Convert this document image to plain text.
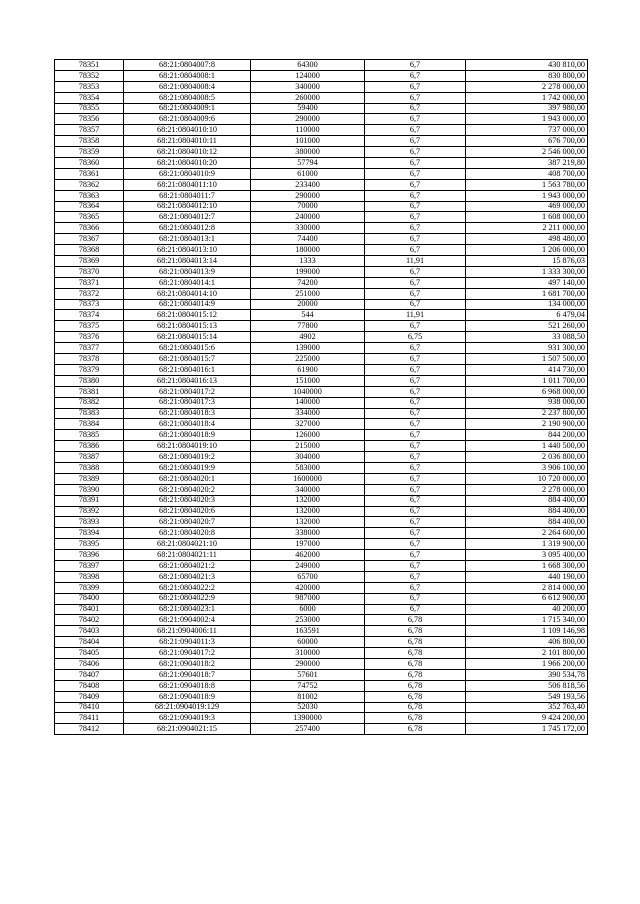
78351	68:21:0804007:8	64300	6,7	430 810,00
78352	68:21:0804008:1	124000	6,7	830 800,00
78353	68:21:0804008:4	340000	6,7	2 278 000,00
78354	68:21:0804008:5	260000	6,7	1 742 000,00
78355	68:21:0804009:1	59400	6,7	397 980,00
78356	68:21:0804009:6	290000	6,7	1 943 000,00
78357	68:21:0804010:10	110000	6,7	737 000,00
78358	68:21:0804010:11	101000	6,7	676 700,00
78359	68:21:0804010:12	380000	6,7	2 546 000,00
78360	68:21:0804010:20	57794	6,7	387 219,80
78361	68:21:0804010:9	61000	6,7	408 700,00
78362	68:21:0804011:10	233400	6,7	1 563 780,00
78363	68:21:0804011:7	290000	6,7	1 943 000,00
78364	68:21:0804012:10	70000	6,7	469 000,00
78365	68:21:0804012:7	240000	6,7	1 608 000,00
78366	68:21:0804012:8	330000	6,7	2 211 000,00
78367	68:21:0804013:1	74400	6,7	498 480,00
78368	68:21:0804013:10	180000	6,7	1 206 000,00
78369	68:21:0804013:14	1333	11,91	15 876,03
78370	68:21:0804013:9	199000	6,7	1 333 300,00
78371	68:21:0804014:1	74200	6,7	497 140,00
78372	68:21:0804014:10	251000	6,7	1 681 700,00
78373	68:21:0804014:9	20000	6,7	134 000,00
78374	68:21:0804015:12	544	11,91	6 479,04
78375	68:21:0804015:13	77800	6,7	521 260,00
78376	68:21:0804015:14	4902	6,75	33 088,50
78377	68:21:0804015:6	139000	6,7	931 300,00
78378	68:21:0804015:7	225000	6,7	1 507 500,00
78379	68:21:0804016:1	61900	6,7	414 730,00
78380	68:21:0804016:13	151000	6,7	1 011 700,00
78381	68:21:0804017:2	1040000	6,7	6 968 000,00
78382	68:21:0804017:3	140000	6,7	938 000,00
78383	68:21:0804018:3	334000	6,7	2 237 800,00
78384	68:21:0804018:4	327000	6,7	2 190 900,00
78385	68:21:0804018:9	126000	6,7	844 200,00
78386	68:21:0804019:10	215000	6,7	1 440 500,00
78387	68:21:0804019:2	304000	6,7	2 036 800,00
78388	68:21:0804019:9	583000	6,7	3 906 100,00
78389	68:21:0804020:1	1600000	6,7	10 720 000,00
78390	68:21:0804020:2	340000	6,7	2 278 000,00
78391	68:21:0804020:3	132000	6,7	884 400,00
78392	68:21:0804020:6	132000	6,7	884 400,00
78393	68:21:0804020:7	132000	6,7	884 400,00
78394	68:21:0804020:8	338000	6,7	2 264 600,00
78395	68:21:0804021:10	197000	6,7	1 319 900,00
78396	68:21:0804021:11	462000	6,7	3 095 400,00
78397	68:21:0804021:2	249000	6,7	1 668 300,00
78398	68:21:0804021:3	65700	6,7	440 190,00
78399	68:21:0804022:2	420000	6,7	2 814 000,00
78400	68:21:0804022:9	987000	6,7	6 612 900,00
78401	68:21:0804023:1	6000	6,7	40 200,00
78402	68:21:0904002:4	253000	6,78	1 715 340,00
78403	68:21:0904006:11	163591	6,78	1 109 146,98
78404	68:21:0904011:3	60000	6,78	406 800,00
78405	68:21:0904017:2	310000	6,78	2 101 800,00
78406	68:21:0904018:2	290000	6,78	1 966 200,00
78407	68:21:0904018:7	57601	6,78	390 534,78
78408	68:21:0904018:8	74752	6,78	506 818,56
78409	68:21:0904018:9	81002	6,78	549 193,56
78410	68:21:0904019:129	52030	6,78	352 763,40
78411	68:21:0904019:3	1390000	6,78	9 424 200,00
78412	68:21:0904021:15	257400	6,78	1 745 172,00
